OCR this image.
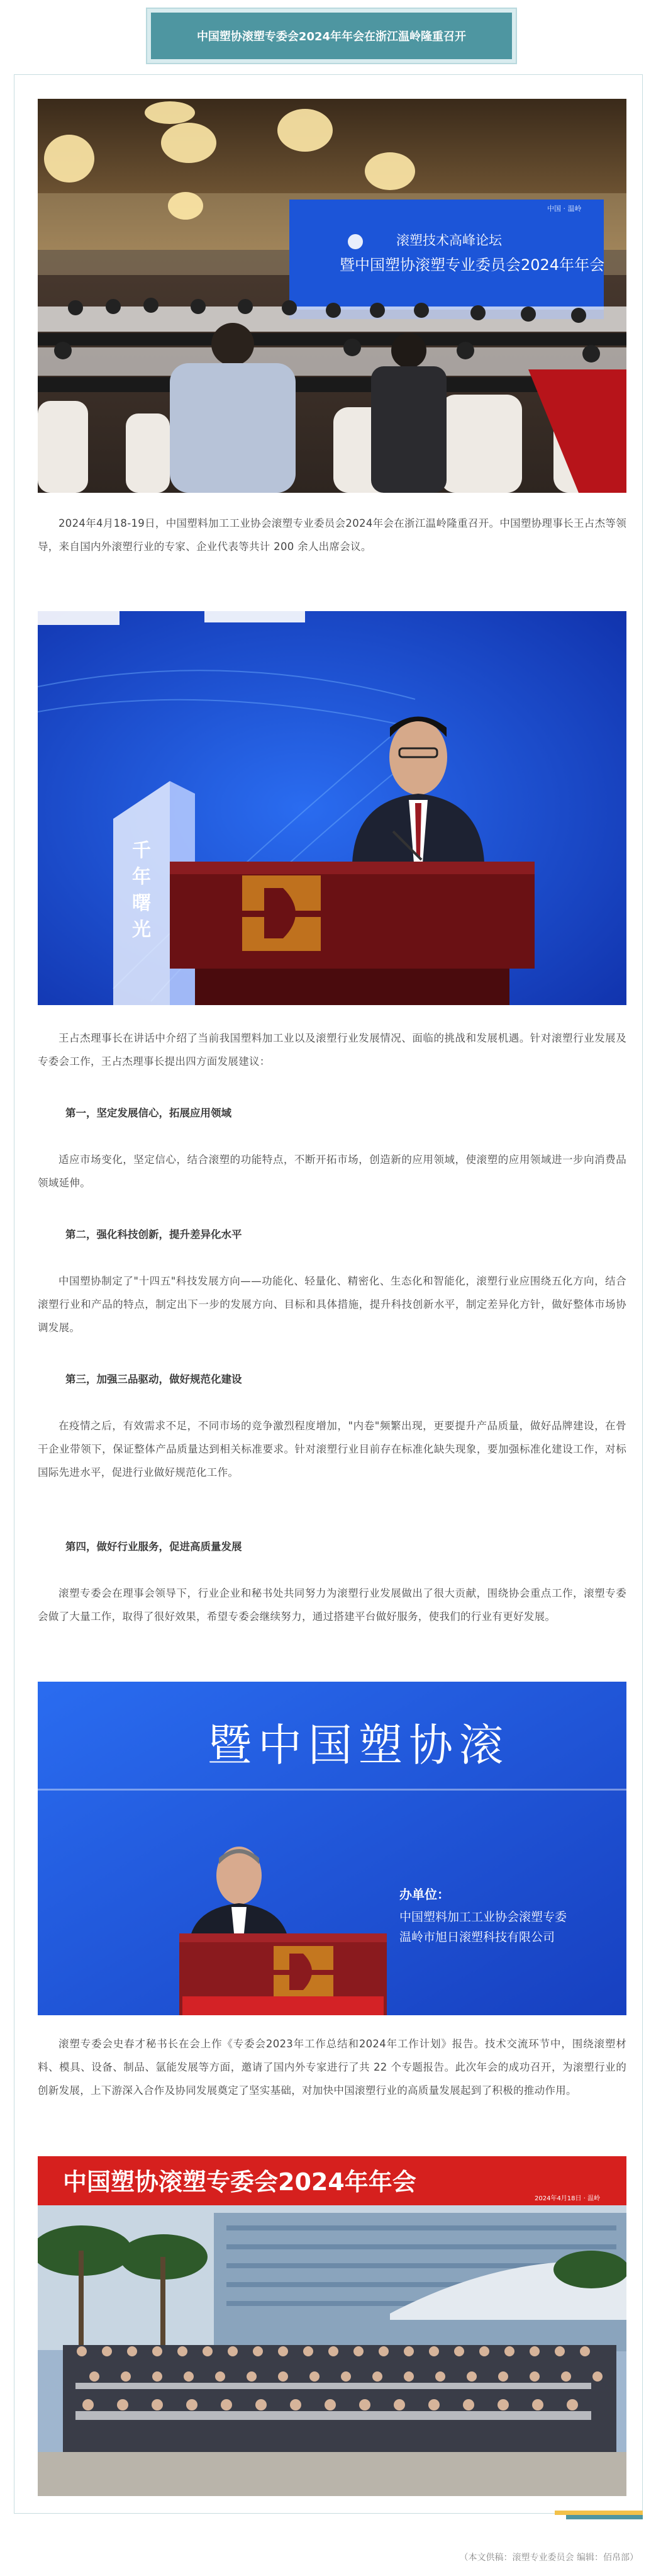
中国塑协滚塑专委会2024年年会在浙江温岭隆重召开
滚塑技术高峰论坛
暨中国塑协滚塑专业委员会2024年年会
中国 · 温岭

2024年4月18-19日，中国塑料加工工业协会滚塑专业委员会2024年会在浙江温岭隆重召开。中国塑协理事长王占杰等领导，来自国内外滚塑行业的专家、企业代表等共计 200 余人出席会议。

千年曙光

王占杰理事长在讲话中介绍了当前我国塑料加工业以及滚塑行业发展情况、面临的挑战和发展机遇。针对滚塑行业发展及专委会工作，王占杰理事长提出四方面发展建议：

第一，坚定发展信心，拓展应用领域

适应市场变化，坚定信心，结合滚塑的功能特点，不断开拓市场，创造新的应用领域，使滚塑的应用领域进一步向消费品领域延伸。

第二，强化科技创新，提升差异化水平

中国塑协制定了"十四五"科技发展方向——功能化、轻量化、精密化、生态化和智能化，滚塑行业应围绕五化方向，结合滚塑行业和产品的特点，制定出下一步的发展方向、目标和具体措施，提升科技创新水平，制定差异化方针，做好整体市场协调发展。

第三，加强三品驱动，做好规范化建设

在疫情之后，有效需求不足，不同市场的竞争激烈程度增加，"内卷"频繁出现，更要提升产品质量，做好品牌建设，在骨干企业带领下，保证整体产品质量达到相关标准要求。针对滚塑行业目前存在标准化缺失现象，要加强标准化建设工作，对标国际先进水平，促进行业做好规范化工作。

第四，做好行业服务，促进高质量发展

滚塑专委会在理事会领导下，行业企业和秘书处共同努力为滚塑行业发展做出了很大贡献，围绕协会重点工作，滚塑专委会做了大量工作，取得了很好效果，希望专委会继续努力，通过搭建平台做好服务，使我们的行业有更好发展。

暨中国塑协滚
办单位：
中国塑料加工工业协会滚塑专委
温岭市旭日滚塑科技有限公司

滚塑专委会史春才秘书长在会上作《专委会2023年工作总结和2024年工作计划》报告。技术交流环节中，围绕滚塑材料、模具、设备、制品、氩能发展等方面，邀请了国内外专家进行了共 22 个专题报告。此次年会的成功召开，为滚塑行业的创新发展，上下游深入合作及协同发展奠定了坚实基础，对加快中国滚塑行业的高质量发展起到了积极的推动作用。

中国塑协滚塑专委会2024年年会
2024年4月18日 · 温岭
（本文供稿：滚塑专业委员会 编辑：佰帛部）
